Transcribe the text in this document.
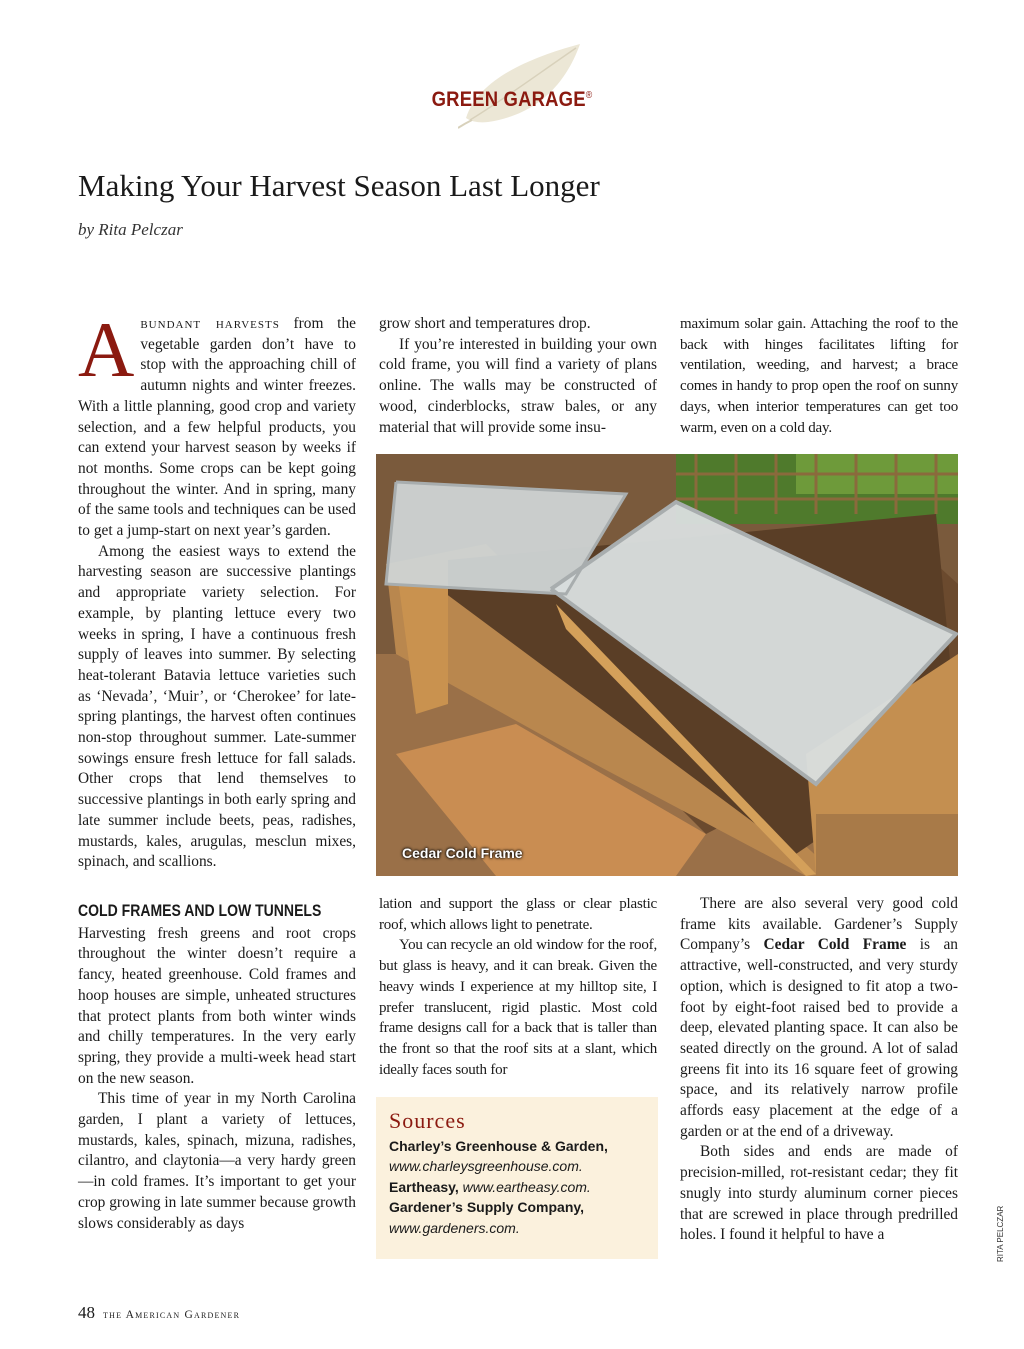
GREEN GARAGE®
Making Your Harvest Season Last Longer
by Rita Pelczar

Abundant harvests from the vegetable garden don’t have to stop with the approaching chill of autumn nights and winter freezes. With a little planning, good crop and variety selection, and a few helpful products, you can extend your harvest season by weeks if not months. Some crops can be kept going throughout the winter. And in spring, many of the same tools and techniques can be used to get a jump-start on next year’s garden.

Among the easiest ways to extend the harvesting season are successive plantings and appropriate variety selection. For example, by planting lettuce every two weeks in spring, I have a continuous fresh supply of leaves into summer. By selecting heat-tolerant Batavia lettuce varieties such as ‘Nevada’, ‘Muir’, or ‘Cherokee’ for late-spring plantings, the harvest often continues non-stop throughout summer. Late-summer sowings ensure fresh lettuce for fall salads. Other crops that lend themselves to successive plantings in both early spring and late summer include beets, peas, radishes, mustards, kales, arugulas, mesclun mixes, spinach, and scallions.

COLD FRAMES AND LOW TUNNELS

Harvesting fresh greens and root crops throughout the winter doesn’t require a fancy, heated greenhouse. Cold frames and hoop houses are simple, unheated structures that protect plants from both winter winds and chilly temperatures. In the very early spring, they provide a multi-week head start on the new season.

This time of year in my North Carolina garden, I plant a variety of lettuces, mustards, kales, spinach, mizuna, radishes, cilantro, and claytonia—a very hardy green—in cold frames. It’s important to get your crop growing in late summer because growth slows considerably as days

grow short and temperatures drop.

If you’re interested in building your own cold frame, you will find a variety of plans online. The walls may be constructed of wood, cinderblocks, straw bales, or any material that will provide some insu-

maximum solar gain. Attaching the roof to the back with hinges facilitates lifting for ventilation, weeding, and harvest; a brace comes in handy to prop open the roof on sunny days, when interior temperatures can get too warm, even on a cold day.

Cedar Cold Frame

lation and support the glass or clear plastic roof, which allows light to penetrate.

You can recycle an old window for the roof, but glass is heavy, and it can break. Given the heavy winds I experience at my hilltop site, I prefer translucent, rigid plastic. Most cold frame designs call for a back that is taller than the front so that the roof sits at a slant, which ideally faces south for

Sources
Charley’s Greenhouse & Garden,
www.charleysgreenhouse.com.
Eartheasy, www.eartheasy.com.
Gardener’s Supply Company,
www.gardeners.com.

There are also several very good cold frame kits available. Gardener’s Supply Company’s Cedar Cold Frame is an attractive, well-constructed, and very sturdy option, which is designed to fit atop a two-foot by eight-foot raised bed to provide a deep, elevated planting space. It can also be seated directly on the ground. A lot of salad greens fit into its 16 square feet of growing space, and its relatively narrow profile affords easy placement at the edge of a garden or at the end of a driveway.

Both sides and ends are made of precision-milled, rot-resistant cedar; they fit snugly into sturdy aluminum corner pieces that are screwed in place through predrilled holes. I found it helpful to have a

48 the American Gardener
RITA PELCZAR
